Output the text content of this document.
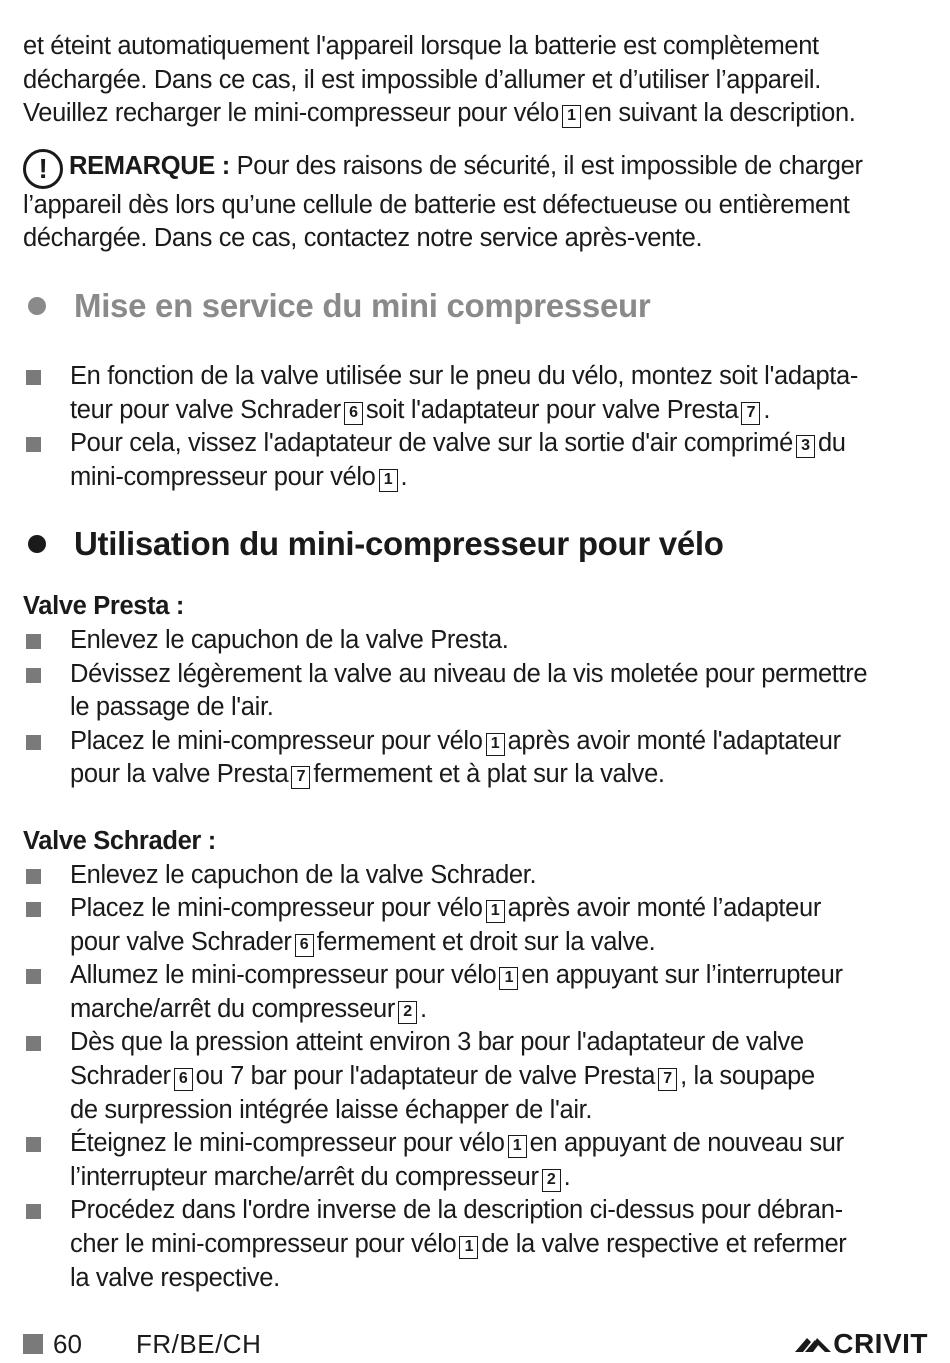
et éteint automatiquement l'appareil lorsque la batterie est complètement

déchargée. Dans ce cas, il est impossible d’allumer et d’utiliser l’appareil.

Veuillez recharger le mini-compresseur pour vélo 1 en suivant la description.

! REMARQUE : Pour des raisons de sécurité, il est impossible de charger

l’appareil dès lors qu’une cellule de batterie est défectueuse ou entièrement

déchargée. Dans ce cas, contactez notre service après-vente.

Mise en service du mini compresseur
En fonction de la valve utilisée sur le pneu du vélo, montez soit l'adapta-
teur pour valve Schrader 6 soit l'adaptateur pour valve Presta 7 .
Pour cela, vissez l'adaptateur de valve sur la sortie d'air comprimé 3 du
mini-compresseur pour vélo 1 .
Utilisation du mini-compresseur pour vélo

Valve Presta :

Enlevez le capuchon de la valve Presta.
Dévissez légèrement la valve au niveau de la vis moletée pour permettre
le passage de l'air.
Placez le mini-compresseur pour vélo 1 après avoir monté l'adaptateur
pour la valve Presta 7 fermement et à plat sur la valve.

Valve Schrader :

Enlevez le capuchon de la valve Schrader.
Placez le mini-compresseur pour vélo 1 après avoir monté l’adapteur
pour valve Schrader 6 fermement et droit sur la valve.
Allumez le mini-compresseur pour vélo 1 en appuyant sur l’interrupteur
marche/arrêt du compresseur 2 .
Dès que la pression atteint environ 3 bar pour l'adaptateur de valve
Schrader 6 ou 7 bar pour l'adaptateur de valve Presta 7 , la soupape
de surpression intégrée laisse échapper de l'air.
Éteignez le mini-compresseur pour vélo 1 en appuyant de nouveau sur
l’interrupteur marche/arrêt du compresseur 2 .
Procédez dans l'ordre inverse de la description ci-dessus pour débran-
cher le mini-compresseur pour vélo 1 de la valve respective et refermer
la valve respective.
60 FR/BE/CH	CRIVIT
